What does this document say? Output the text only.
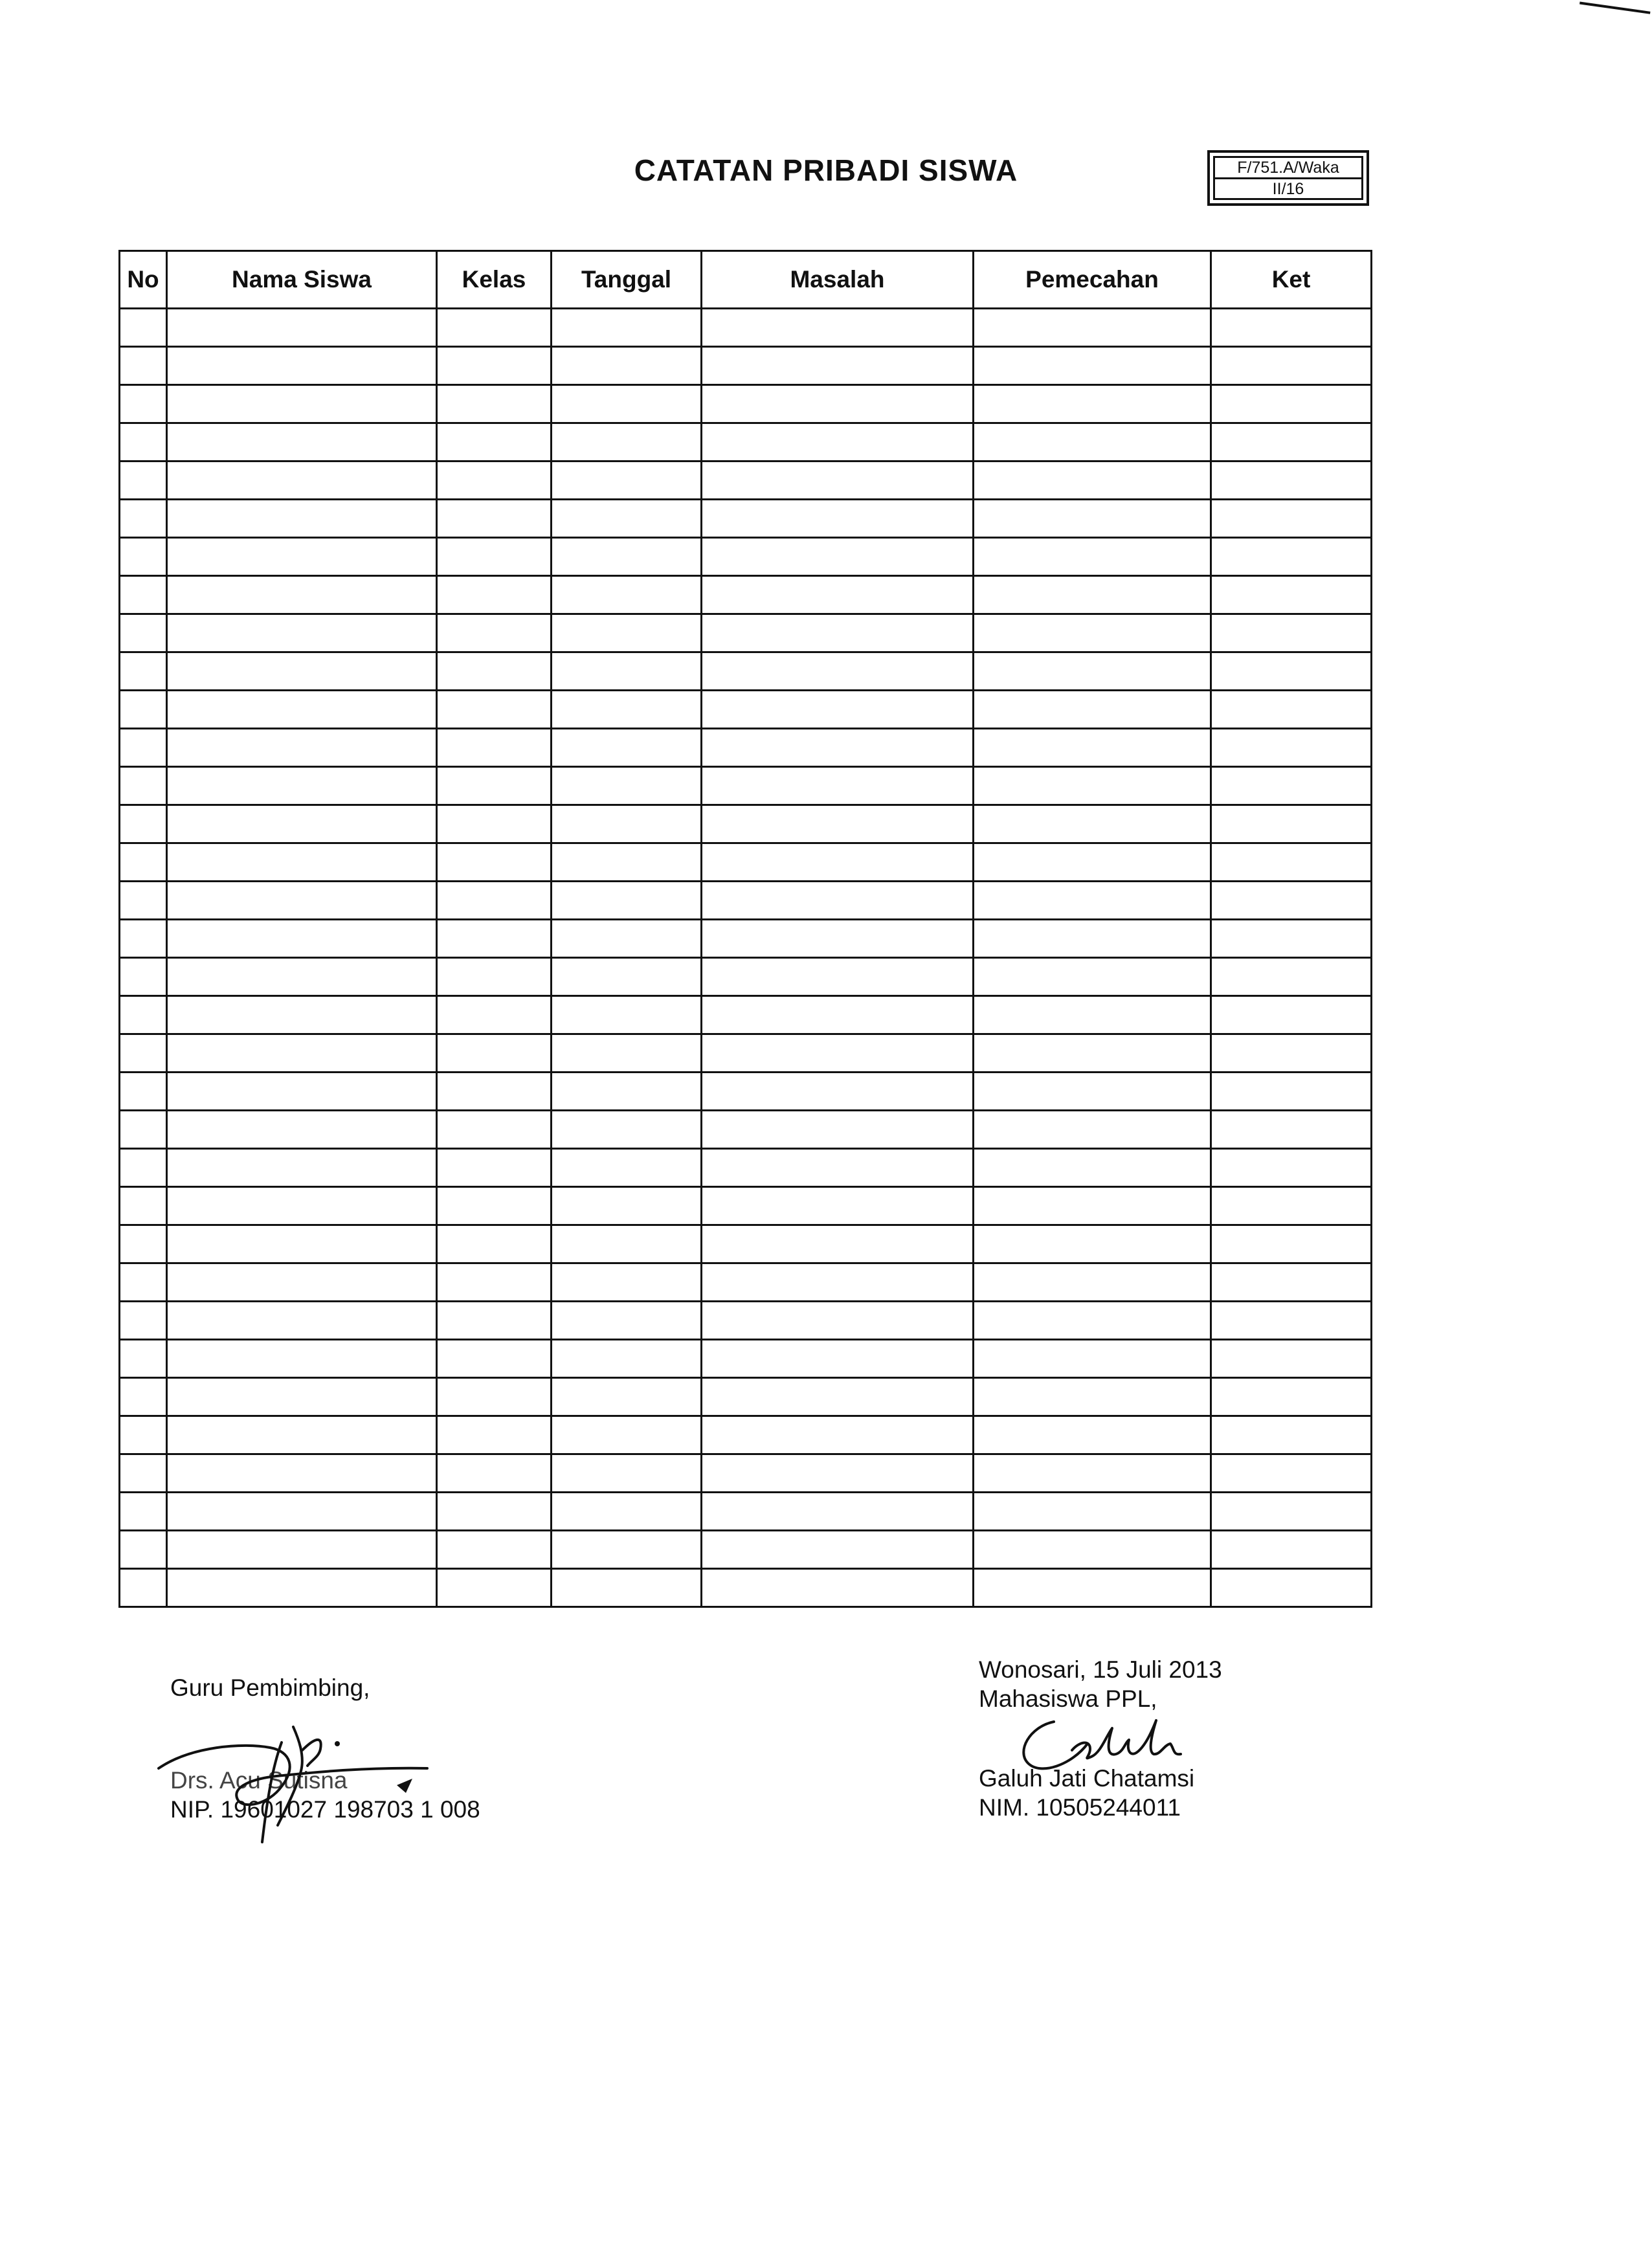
CATATAN PRIBADI SISWA	F/751.A/Waka
II/16
No	Nama Siswa	Kelas	Tanggal	Masalah	Pemecahan	Ket

Guru Pembimbing,
Drs. Acu Sutisna
NIP. 19601027 198703 1 008
Wonosari, 15 Juli 2013
Mahasiswa PPL,
Galuh Jati Chatamsi
NIM. 10505244011
